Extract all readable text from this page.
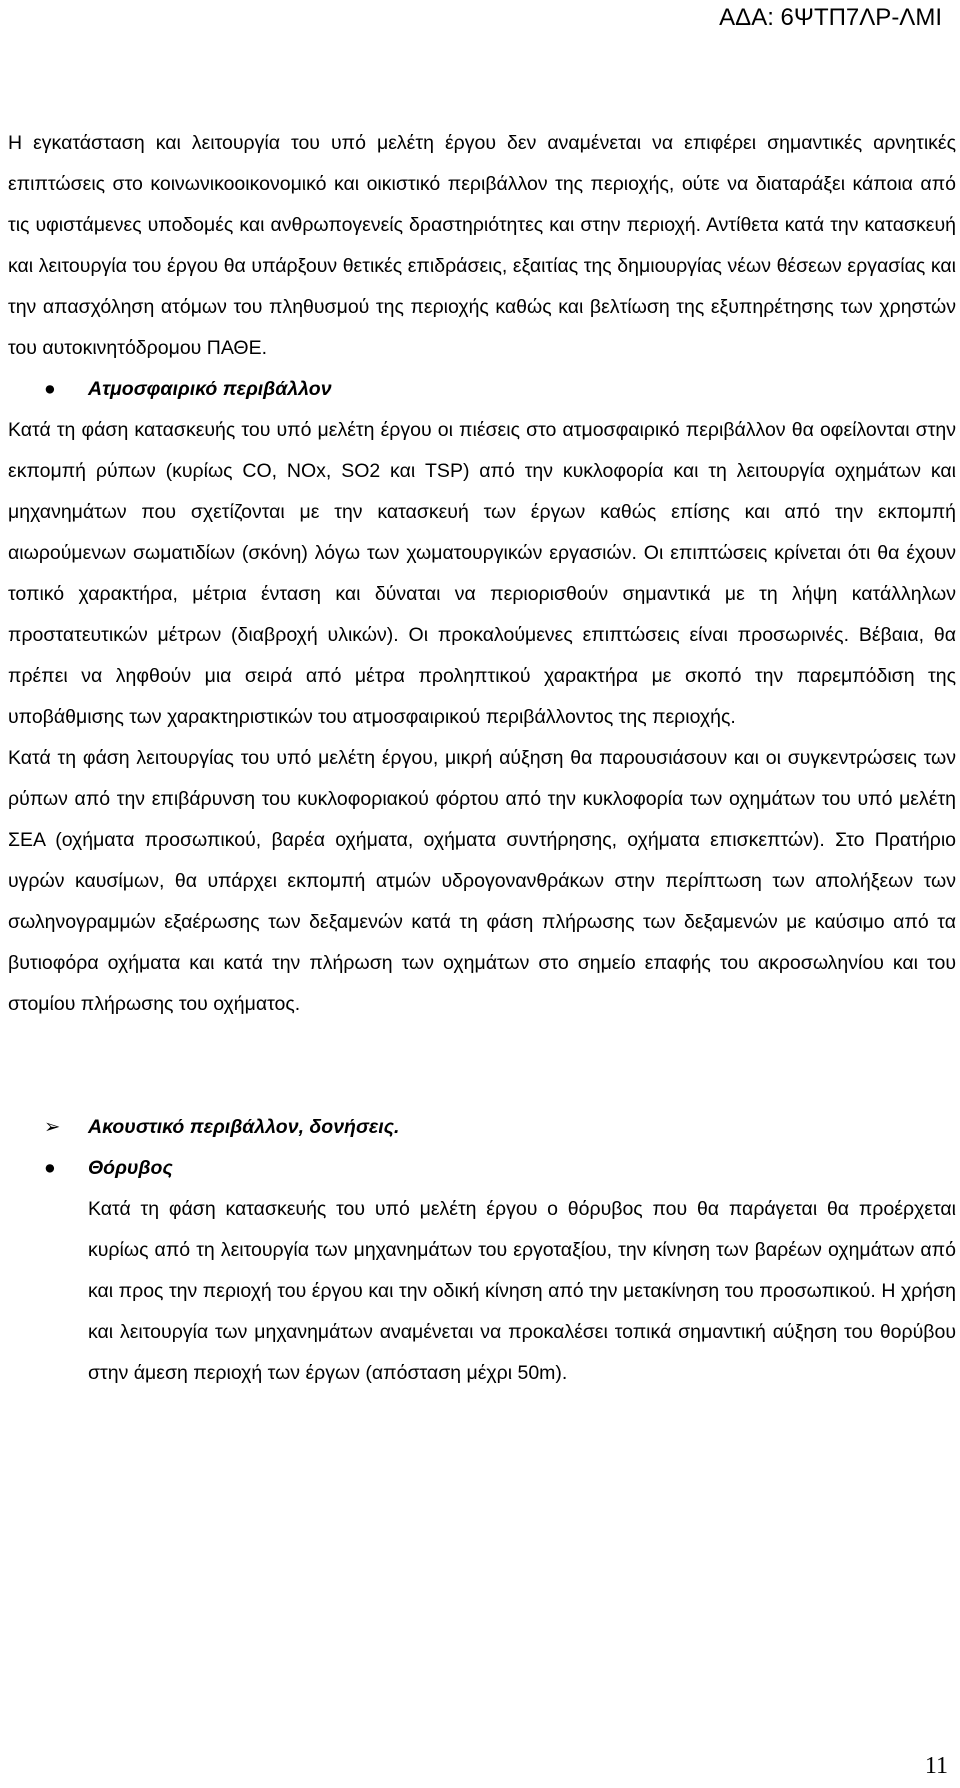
ΑΔΑ: 6ΨΤΠ7ΛΡ-ΛΜΙ

Η εγκατάσταση και λειτουργία του υπό μελέτη έργου δεν αναμένεται να επιφέρει σημαντικές αρνητικές επιπτώσεις στο κοινωνικοοικονομικό και οικιστικό περιβάλλον της περιοχής, ούτε να διαταράξει κάποια από τις υφιστάμενες υποδομές και ανθρωπογενείς δραστηριότητες και στην περιοχή. Αντίθετα κατά την κατασκευή και λειτουργία του έργου θα υπάρξουν θετικές επιδράσεις, εξαιτίας της δημιουργίας νέων θέσεων εργασίας και την απασχόληση ατόμων του πληθυσμού της περιοχής καθώς και βελτίωση της εξυπηρέτησης των χρηστών του αυτοκινητόδρομου ΠΑΘΕ.

● Ατμοσφαιρικό περιβάλλον

Κατά τη φάση κατασκευής του υπό μελέτη έργου οι πιέσεις στο ατμοσφαιρικό περιβάλλον θα οφείλονται στην εκπομπή ρύπων (κυρίως CO, NOx, SO2 και TSP) από την κυκλοφορία και τη λειτουργία οχημάτων και μηχανημάτων που σχετίζονται με την κατασκευή των έργων καθώς επίσης και από την εκπομπή αιωρούμενων σωματιδίων (σκόνη) λόγω των χωματουργικών εργασιών. Οι επιπτώσεις κρίνεται ότι θα έχουν τοπικό χαρακτήρα, μέτρια ένταση και δύναται να περιορισθούν σημαντικά με τη λήψη κατάλληλων προστατευτικών μέτρων (διαβροχή υλικών). Οι προκαλούμενες επιπτώσεις είναι προσωρινές. Βέβαια, θα πρέπει να ληφθούν μια σειρά από μέτρα προληπτικού χαρακτήρα με σκοπό την παρεμπόδιση της υποβάθμισης των χαρακτηριστικών του ατμοσφαιρικού περιβάλλοντος της περιοχής.

Κατά τη φάση λειτουργίας του υπό μελέτη έργου, μικρή αύξηση θα παρουσιάσουν και οι συγκεντρώσεις των ρύπων από την επιβάρυνση του κυκλοφοριακού φόρτου από την κυκλοφορία των οχημάτων του υπό μελέτη ΣΕΑ (οχήματα προσωπικού, βαρέα οχήματα, οχήματα συντήρησης, οχήματα επισκεπτών). Στο Πρατήριο υγρών καυσίμων, θα υπάρχει εκπομπή ατμών υδρογονανθράκων στην περίπτωση των απολήξεων των σωληνογραμμών εξαέρωσης των δεξαμενών κατά τη φάση πλήρωσης των δεξαμενών με καύσιμο από τα βυτιοφόρα οχήματα και κατά την πλήρωση των οχημάτων στο σημείο επαφής του ακροσωληνίου και του στομίου πλήρωσης του οχήματος.

➢ Ακουστικό περιβάλλον, δονήσεις.
● Θόρυβος

Κατά τη φάση κατασκευής του υπό μελέτη έργου ο θόρυβος που θα παράγεται θα προέρχεται κυρίως από τη λειτουργία των μηχανημάτων του εργοταξίου, την κίνηση των βαρέων οχημάτων από και προς την περιοχή του έργου και την οδική κίνηση από την μετακίνηση του προσωπικού. Η χρήση και λειτουργία των μηχανημάτων αναμένεται να προκαλέσει τοπικά σημαντική αύξηση του θορύβου στην άμεση περιοχή των έργων (απόσταση μέχρι 50m).

11
